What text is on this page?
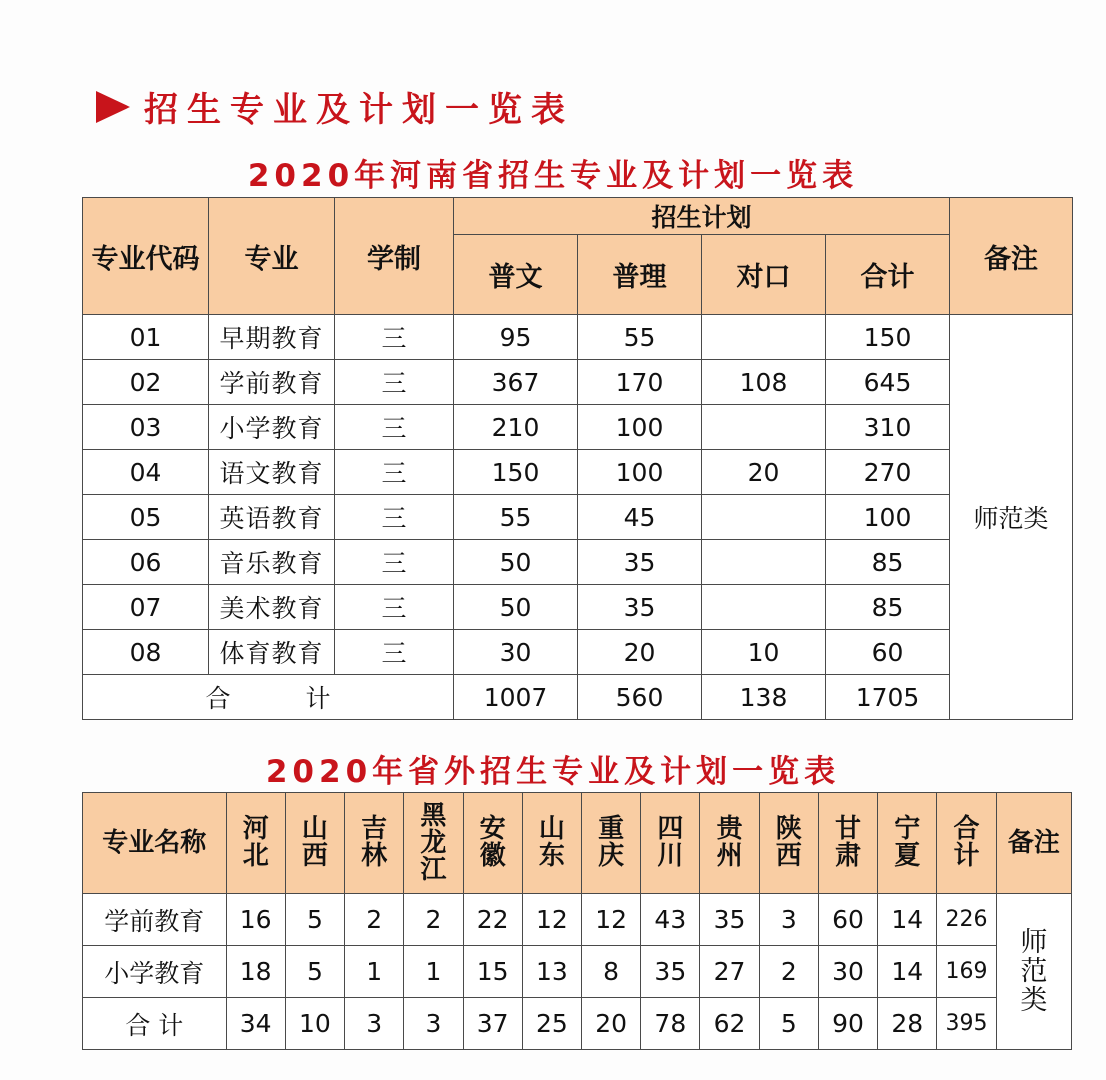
招生专业及计划一览表
2020年河南省招生专业及计划一览表
专业代码	专业	学制	招生计划				备注
			普文	普理	对口	合计	
01	早期教育	三	95	55		150	师范类
02	学前教育	三	367	170	108	645	
03	小学教育	三	210	100		310	
04	语文教育	三	150	100	20	270	
05	英语教育	三	55	45		100	
06	音乐教育	三	50	35		85	
07	美术教育	三	50	35		85	
08	体育教育	三	30	20	10	60	
合　　　计			1007	560	138	1705	
2020年省外招生专业及计划一览表
专业名称	河北	山西	吉林	黑龙江	安徽	山东	重庆	四川	贵州	陕西	甘肃	宁夏	合计	备注
学前教育	16	5	2	2	22	12	12	43	35	3	60	14	226	师范类

小学教育	18	5	1	1	15	13	8	35	27	2	30	14	169	
合 计	34	10	3	3	37	25	20	78	62	5	90	28	395	
